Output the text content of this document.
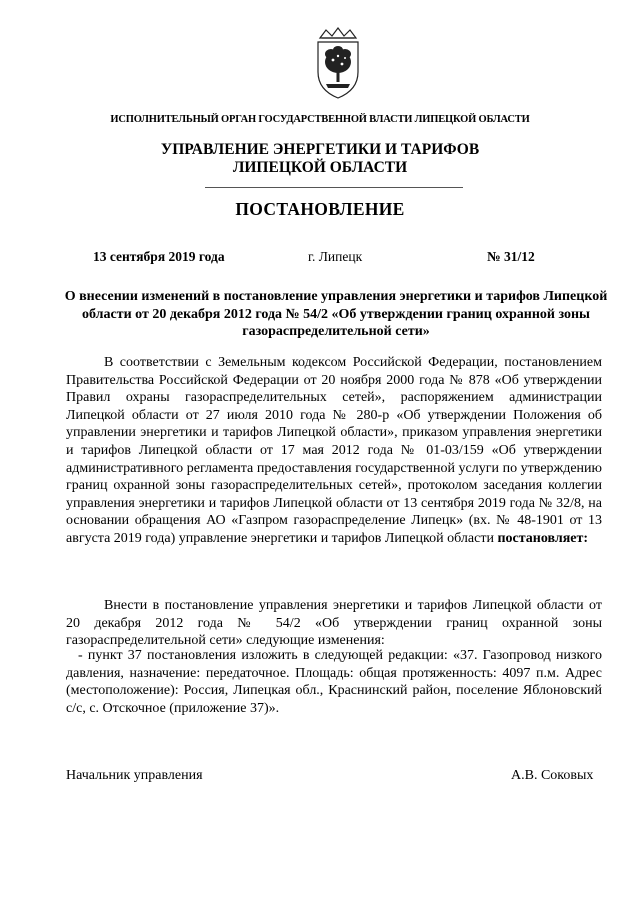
ИСПОЛНИТЕЛЬНЫЙ ОРГАН ГОСУДАРСТВЕННОЙ ВЛАСТИ ЛИПЕЦКОЙ ОБЛАСТИ
УПРАВЛЕНИЕ ЭНЕРГЕТИКИ И ТАРИФОВ
ЛИПЕЦКОЙ ОБЛАСТИ
ПОСТАНОВЛЕНИЕ
13 сентября 2019 года	г. Липецк	№ 31/12
О внесении изменений в постановление управления энергетики и тарифов Липецкой области от 20 декабря 2012 года № 54/2 «Об утверждении границ охранной зоны газораспределительной сети»
В соответствии с Земельным кодексом Российской Федерации, постановлением Правительства Российской Федерации от 20 ноября 2000 года № 878 «Об утверждении Правил охраны газораспределительных сетей», распоряжением администрации Липецкой области от 27 июля 2010 года № 280-р «Об утверждении Положения об управлении энергетики и тарифов Липецкой области», приказом управления энергетики и тарифов Липецкой области от 17 мая 2012 года № 01-03/159 «Об утверждении административного регламента предоставления государственной услуги по утверждению границ охранной зоны газораспределительных сетей», протоколом заседания коллегии управления энергетики и тарифов Липецкой области от 13 сентября 2019 года № 32/8, на основании обращения АО «Газпром газораспределение Липецк» (вх. № 48-1901 от 13 августа 2019 года) управление энергетики и тарифов Липецкой области постановляет:
Внести в постановление управления энергетики и тарифов Липецкой области от 20 декабря 2012 года № 54/2 «Об утверждении границ охранной зоны газораспределительной сети» следующие изменения:
- пункт 37 постановления изложить в следующей редакции: «37. Газопровод низкого давления, назначение: передаточное. Площадь: общая протяженность: 4097 п.м. Адрес (местоположение): Россия, Липецкая обл., Краснинский район, поселение Яблоновский с/с, с. Отскочное (приложение 37)».
Начальник управления	А.В. Соковых
